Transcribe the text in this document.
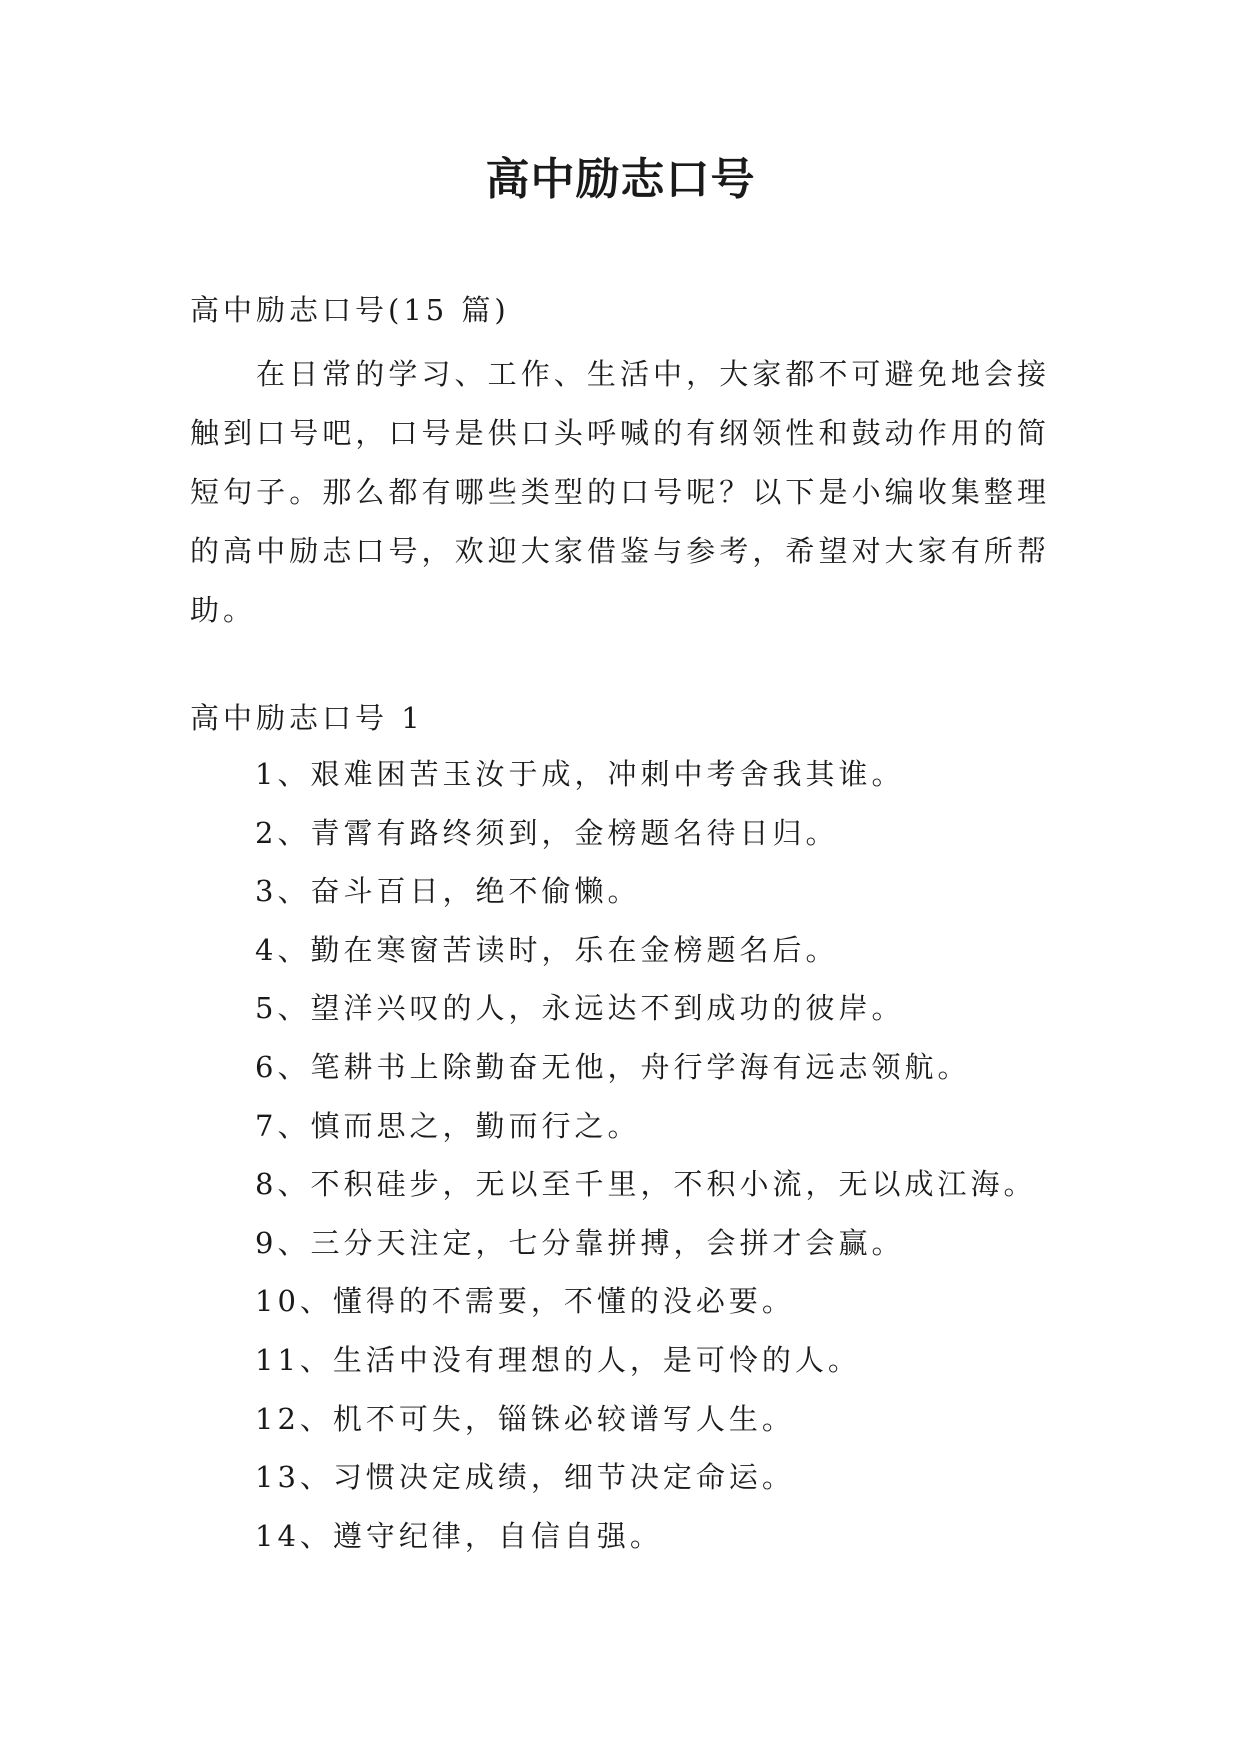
高中励志口号
高中励志口号(15 篇)

在日常的学习、工作、生活中，大家都不可避免地会接触到口号吧，口号是供口头呼喊的有纲领性和鼓动作用的简短句子。那么都有哪些类型的口号呢？以下是小编收集整理的高中励志口号，欢迎大家借鉴与参考，希望对大家有所帮助。

高中励志口号 1
1、艰难困苦玉汝于成，冲刺中考舍我其谁。
2、青霄有路终须到，金榜题名待日归。
3、奋斗百日，绝不偷懒。
4、勤在寒窗苦读时，乐在金榜题名后。
5、望洋兴叹的人，永远达不到成功的彼岸。
6、笔耕书上除勤奋无他，舟行学海有远志领航。
7、慎而思之，勤而行之。
8、不积硅步，无以至千里，不积小流，无以成江海。
9、三分天注定，七分靠拼搏，会拼才会赢。
10、懂得的不需要，不懂的没必要。
11、生活中没有理想的人，是可怜的人。
12、机不可失，锱铢必较谱写人生。
13、习惯决定成绩，细节决定命运。
14、遵守纪律，自信自强。
